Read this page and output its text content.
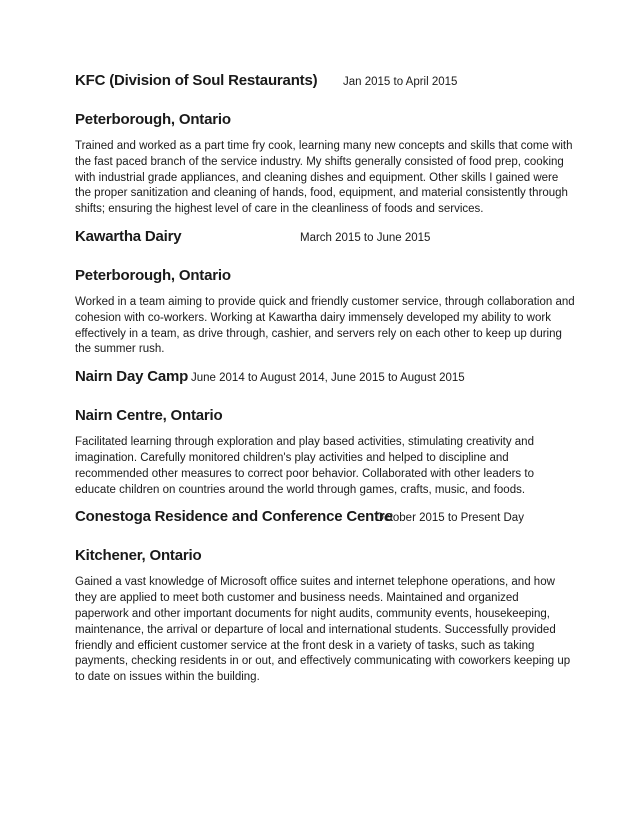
KFC (Division of Soul Restaurants)	Jan 2015 to April 2015
Peterborough, Ontario

Trained and worked as a part time fry cook, learning many new concepts and skills that come with the fast paced branch of the service industry. My shifts generally consisted of food prep, cooking with industrial grade appliances, and cleaning dishes and equipment. Other skills I gained were the proper sanitization and cleaning of hands, food, equipment, and material consistently through shifts; ensuring the highest level of care in the cleanliness of foods and services.

Kawartha Dairy	March 2015 to June 2015
Peterborough, Ontario

Worked in a team aiming to provide quick and friendly customer service, through collaboration and cohesion with co-workers. Working at Kawartha dairy immensely developed my ability to work effectively in a team, as drive through, cashier, and servers rely on each other to keep up during the summer rush.

Nairn Day Camp June 2014 to August 2014, June 2015 to August 2015
Nairn Centre, Ontario

Facilitated learning through exploration and play based activities, stimulating creativity and imagination. Carefully monitored children's play activities and helped to discipline and recommended other measures to correct poor behavior. Collaborated with other leaders to educate children on countries around the world through games, crafts, music, and foods.

Conestoga Residence and Conference Centre
October 2015 to Present Day
Kitchener, Ontario

Gained a vast knowledge of Microsoft office suites and internet telephone operations, and how they are applied to meet both customer and business needs. Maintained and organized paperwork and other important documents for night audits, community events, housekeeping, maintenance, the arrival or departure of local and international students. Successfully provided friendly and efficient customer service at the front desk in a variety of tasks, such as taking payments, checking residents in or out, and effectively communicating with coworkers keeping up to date on issues within the building.
